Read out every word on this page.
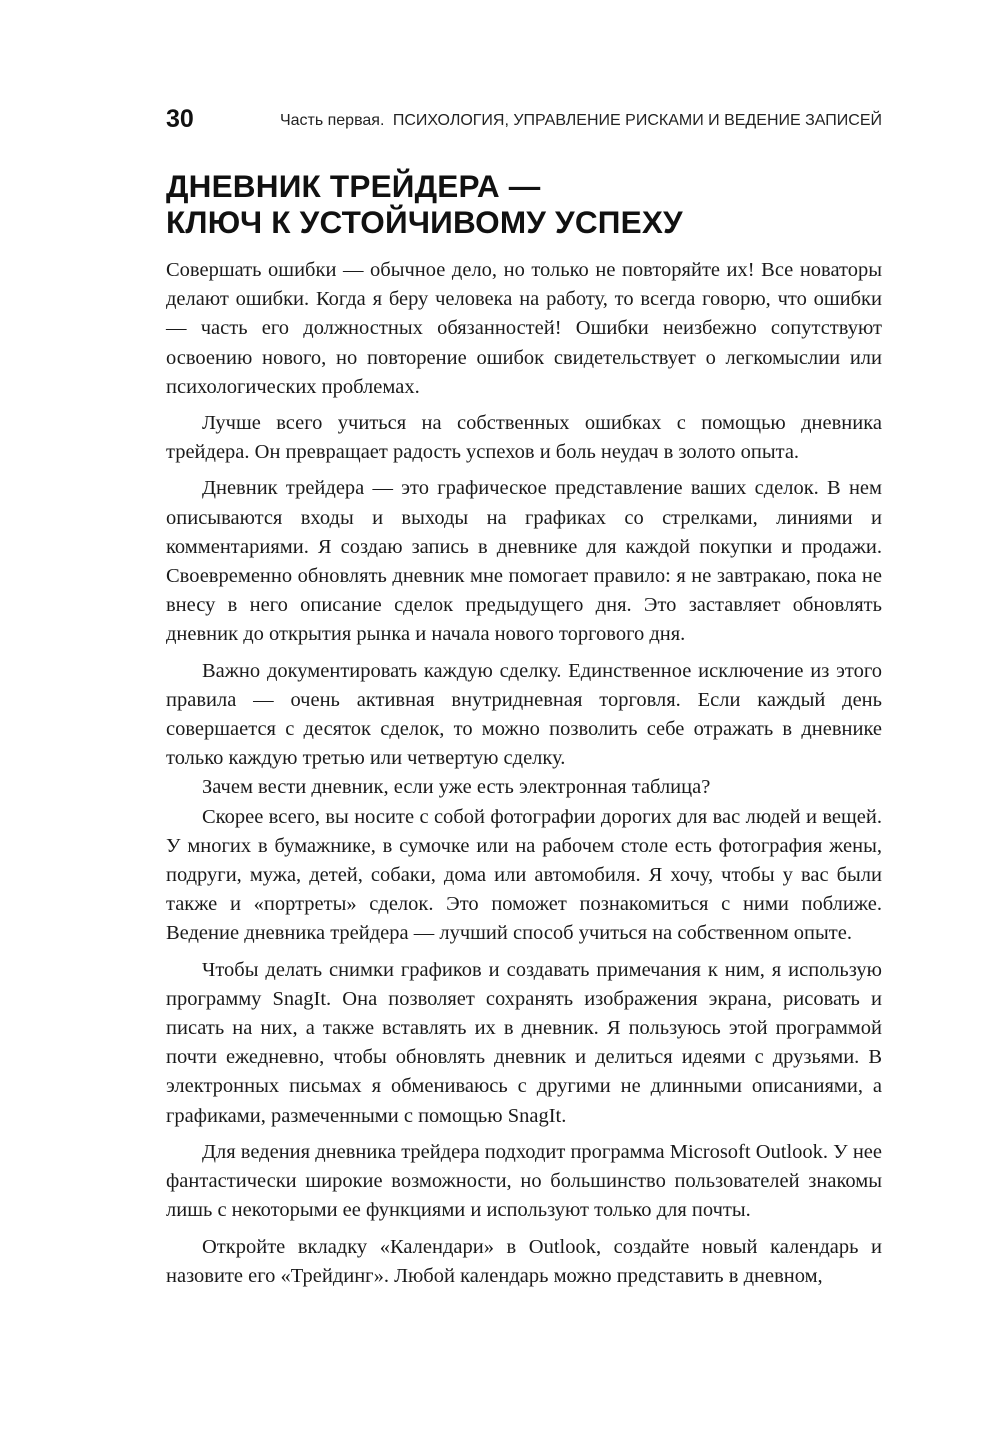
30	Часть первая. ПСИХОЛОГИЯ, УПРАВЛЕНИЕ РИСКАМИ И ВЕДЕНИЕ ЗАПИСЕЙ
ДНЕВНИК ТРЕЙДЕРА —
КЛЮЧ К УСТОЙЧИВОМУ УСПЕХУ

Совершать ошибки — обычное дело, но только не повторяйте их! Все новаторы делают ошибки. Когда я беру человека на работу, то всегда говорю, что ошибки — часть его должностных обязанностей! Ошибки неизбежно сопутствуют освоению нового, но повторение ошибок свидетельствует о легкомыслии или психологических проблемах.

Лучше всего учиться на собственных ошибках с помощью дневника трейдера. Он превращает радость успехов и боль неудач в золото опыта.

Дневник трейдера — это графическое представление ваших сделок. В нем описываются входы и выходы на графиках со стрелками, линиями и комментариями. Я создаю запись в дневнике для каждой покупки и продажи. Своевременно обновлять дневник мне помогает правило: я не завтракаю, пока не внесу в него описание сделок предыдущего дня. Это заставляет обновлять дневник до открытия рынка и начала нового торгового дня.

Важно документировать каждую сделку. Единственное исключение из этого правила — очень активная внутридневная торговля. Если каждый день совершается с десяток сделок, то можно позволить себе отражать в дневнике только каждую третью или четвертую сделку.

Зачем вести дневник, если уже есть электронная таблица?

Скорее всего, вы носите с собой фотографии дорогих для вас людей и вещей. У многих в бумажнике, в сумочке или на рабочем столе есть фотография жены, подруги, мужа, детей, собаки, дома или автомобиля. Я хочу, чтобы у вас были также и «портреты» сделок. Это поможет познакомиться с ними поближе. Ведение дневника трейдера — лучший способ учиться на собственном опыте.

Чтобы делать снимки графиков и создавать примечания к ним, я использую программу SnagIt. Она позволяет сохранять изображения экрана, рисовать и писать на них, а также вставлять их в дневник. Я пользуюсь этой программой почти ежедневно, чтобы обновлять дневник и делиться идеями с друзьями. В электронных письмах я обмениваюсь с другими не длинными описаниями, а графиками, размеченными с помощью SnagIt.

Для ведения дневника трейдера подходит программа Microsoft Outlook. У нее фантастически широкие возможности, но большинство пользователей знакомы лишь с некоторыми ее функциями и используют только для почты.

Откройте вкладку «Календари» в Outlook, создайте новый календарь и назовите его «Трейдинг». Любой календарь можно представить в дневном,
